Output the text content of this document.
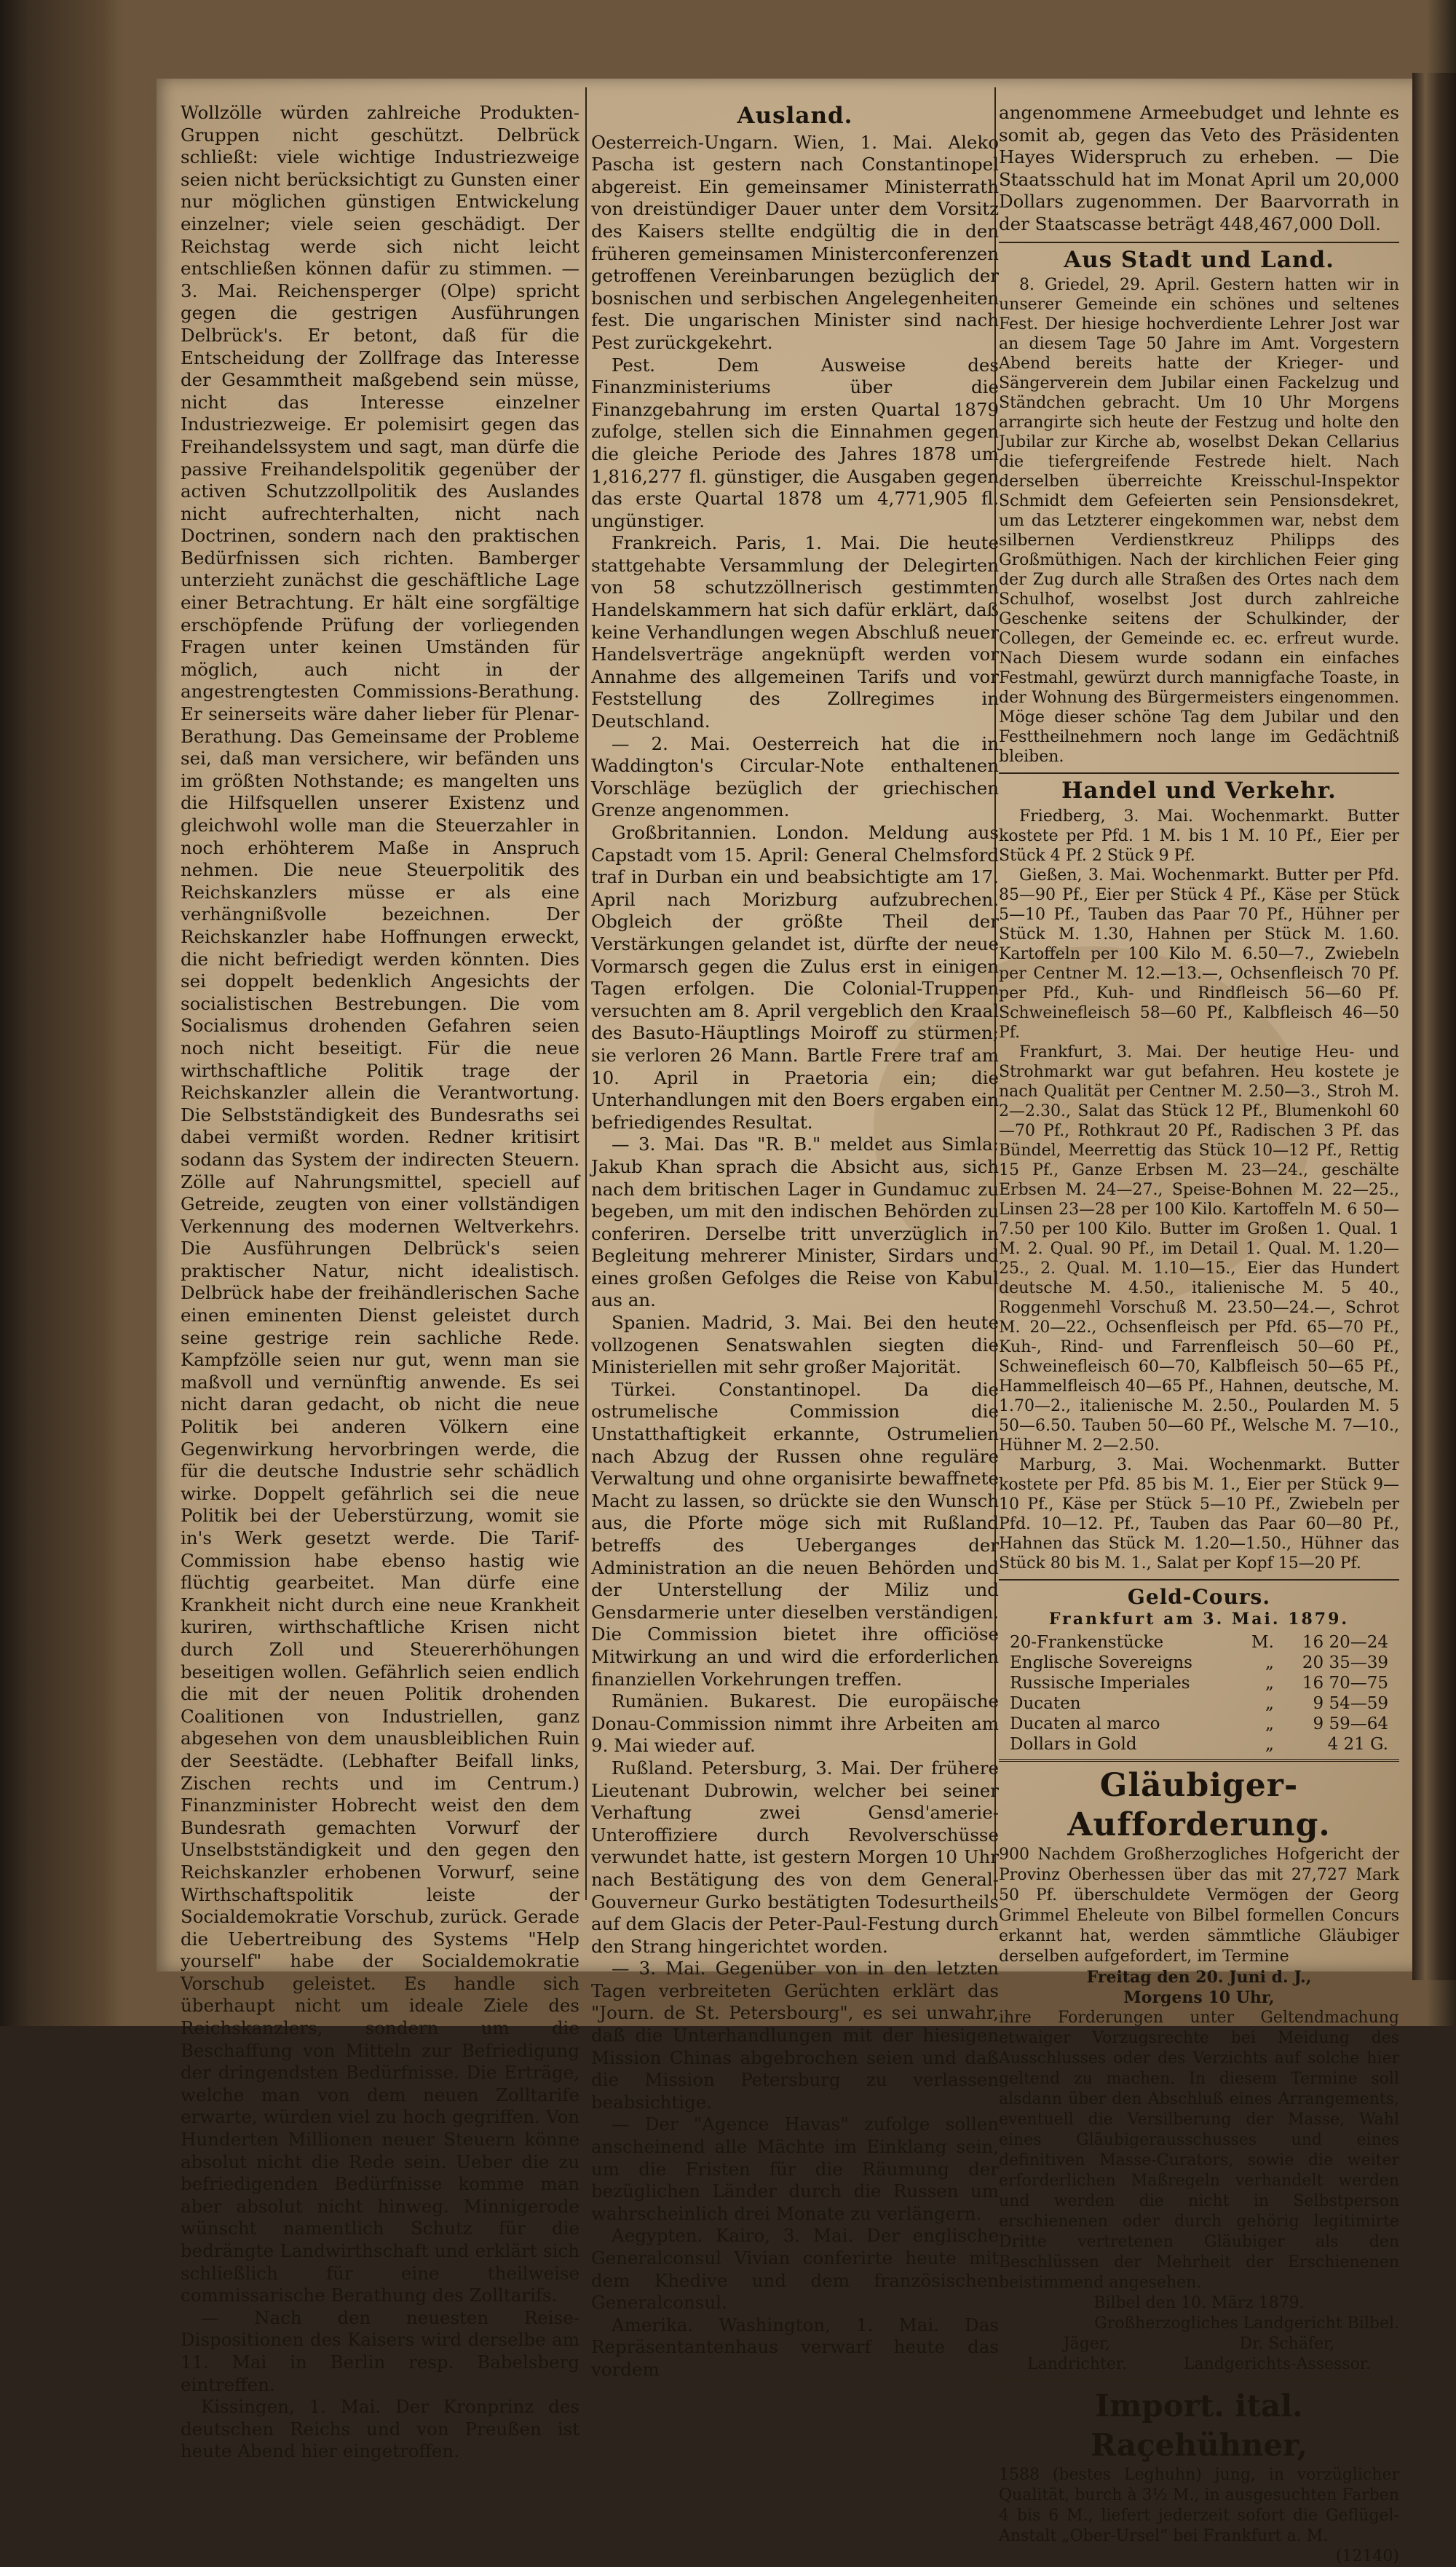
Wollzölle würden zahlreiche Produkten-Gruppen nicht geschützt. Delbrück schließt: viele wichtige Industriezweige seien nicht berücksichtigt zu Gunsten einer nur möglichen günstigen Entwickelung einzelner; viele seien geschädigt. Der Reichstag werde sich nicht leicht entschließen können dafür zu stimmen. — 3. Mai. Reichensperger (Olpe) spricht gegen die gestrigen Ausführungen Delbrück's. Er betont, daß für die Entscheidung der Zollfrage das Interesse der Gesammtheit maßgebend sein müsse, nicht das Interesse einzelner Industriezweige. Er polemisirt gegen das Freihandelssystem und sagt, man dürfe die passive Freihandelspolitik gegenüber der activen Schutzzollpolitik des Auslandes nicht aufrechterhalten, nicht nach Doctrinen, sondern nach den praktischen Bedürfnissen sich richten. Bamberger unterzieht zunächst die geschäftliche Lage einer Betrachtung. Er hält eine sorgfältige erschöpfende Prüfung der vorliegenden Fragen unter keinen Umständen für möglich, auch nicht in der angestrengtesten Commissions-Berathung. Er seinerseits wäre daher lieber für Plenar-Berathung. Das Gemeinsame der Probleme sei, daß man versichere, wir befänden uns im größten Nothstande; es mangelten uns die Hilfsquellen unserer Existenz und gleichwohl wolle man die Steuerzahler in noch erhöhterem Maße in Anspruch nehmen. Die neue Steuerpolitik des Reichskanzlers müsse er als eine verhängnißvolle bezeichnen. Der Reichskanzler habe Hoffnungen erweckt, die nicht befriedigt werden könnten. Dies sei doppelt bedenklich Angesichts der socialistischen Bestrebungen. Die vom Socialismus drohenden Gefahren seien noch nicht beseitigt. Für die neue wirthschaftliche Politik trage der Reichskanzler allein die Verantwortung. Die Selbstständigkeit des Bundesraths sei dabei vermißt worden. Redner kritisirt sodann das System der indirecten Steuern. Zölle auf Nahrungsmittel, speciell auf Getreide, zeugten von einer vollständigen Verkennung des modernen Weltverkehrs. Die Ausführungen Delbrück's seien praktischer Natur, nicht idealistisch. Delbrück habe der freihändlerischen Sache einen eminenten Dienst geleistet durch seine gestrige rein sachliche Rede. Kampfzölle seien nur gut, wenn man sie maßvoll und vernünftig anwende. Es sei nicht daran gedacht, ob nicht die neue Politik bei anderen Völkern eine Gegenwirkung hervorbringen werde, die für die deutsche Industrie sehr schädlich wirke. Doppelt gefährlich sei die neue Politik bei der Ueberstürzung, womit sie in's Werk gesetzt werde. Die Tarif-Commission habe ebenso hastig wie flüchtig gearbeitet. Man dürfe eine Krankheit nicht durch eine neue Krankheit kuriren, wirthschaftliche Krisen nicht durch Zoll und Steuererhöhungen beseitigen wollen. Gefährlich seien endlich die mit der neuen Politik drohenden Coalitionen von Industriellen, ganz abgesehen von dem unausbleiblichen Ruin der Seestädte. (Lebhafter Beifall links, Zischen rechts und im Centrum.) Finanzminister Hobrecht weist den dem Bundesrath gemachten Vorwurf der Unselbstständigkeit und den gegen den Reichskanzler erhobenen Vorwurf, seine Wirthschaftspolitik leiste der Socialdemokratie Vorschub, zurück. Gerade die Uebertreibung des Systems "Help yourself" habe der Socialdemokratie Vorschub geleistet. Es handle sich überhaupt nicht um ideale Ziele des Reichskanzlers, sondern um die Beschaffung von Mitteln zur Befriedigung der dringendsten Bedürfnisse. Die Erträge, welche man von dem neuen Zolltarife erwarte, würden viel zu hoch gegriffen. Von Hunderten Millionen neuer Steuern könne absolut nicht die Rede sein. Ueber die zu befriedigenden Bedürfnisse komme man aber absolut nicht hinweg. Minnigerode wünscht namentlich Schutz für die bedrängte Landwirthschaft und erklärt sich schließlich für eine theilweise commissarische Berathung des Zolltarifs.

— Nach den neuesten Reise-Dispositionen des Kaisers wird derselbe am 11. Mai in Berlin resp. Babelsberg eintreffen.

Kissingen, 1. Mai. Der Kronprinz des deutschen Reichs und von Preußen ist heute Abend hier eingetroffen.

Ausland.

Oesterreich-Ungarn. Wien, 1. Mai. Aleko Pascha ist gestern nach Constantinopel abgereist. Ein gemeinsamer Ministerrath von dreistündiger Dauer unter dem Vorsitz des Kaisers stellte endgültig die in den früheren gemeinsamen Ministerconferenzen getroffenen Vereinbarungen bezüglich der bosnischen und serbischen Angelegenheiten fest. Die ungarischen Minister sind nach Pest zurückgekehrt.

Pest. Dem Ausweise des Finanzministeriums über die Finanzgebahrung im ersten Quartal 1879 zufolge, stellen sich die Einnahmen gegen die gleiche Periode des Jahres 1878 um 1,816,277 fl. günstiger, die Ausgaben gegen das erste Quartal 1878 um 4,771,905 fl. ungünstiger.

Frankreich. Paris, 1. Mai. Die heute stattgehabte Versammlung der Delegirten von 58 schutzzöllnerisch gestimmten Handelskammern hat sich dafür erklärt, daß keine Verhandlungen wegen Abschluß neuer Handelsverträge angeknüpft werden vor Annahme des allgemeinen Tarifs und vor Feststellung des Zollregimes in Deutschland.

— 2. Mai. Oesterreich hat die in Waddington's Circular-Note enthaltenen Vorschläge bezüglich der griechischen Grenze angenommen.

Großbritannien. London. Meldung aus Capstadt vom 15. April: General Chelmsford traf in Durban ein und beabsichtigte am 17. April nach Morizburg aufzubrechen. Obgleich der größte Theil der Verstärkungen gelandet ist, dürfte der neue Vormarsch gegen die Zulus erst in einigen Tagen erfolgen. Die Colonial-Truppen versuchten am 8. April vergeblich den Kraal des Basuto-Häuptlings Moiroff zu stürmen; sie verloren 26 Mann. Bartle Frere traf am 10. April in Praetoria ein; die Unterhandlungen mit den Boers ergaben ein befriedigendes Resultat.

— 3. Mai. Das "R. B." meldet aus Simla: Jakub Khan sprach die Absicht aus, sich nach dem britischen Lager in Gundamuc zu begeben, um mit den indischen Behörden zu conferiren. Derselbe tritt unverzüglich in Begleitung mehrerer Minister, Sirdars und eines großen Gefolges die Reise von Kabul aus an.

Spanien. Madrid, 3. Mai. Bei den heute vollzogenen Senatswahlen siegten die Ministeriellen mit sehr großer Majorität.

Türkei. Constantinopel. Da die ostrumelische Commission die Unstatthaftigkeit erkannte, Ostrumelien nach Abzug der Russen ohne reguläre Verwaltung und ohne organisirte bewaffnete Macht zu lassen, so drückte sie den Wunsch aus, die Pforte möge sich mit Rußland betreffs des Ueberganges der Administration an die neuen Behörden und der Unterstellung der Miliz und Gensdarmerie unter dieselben verständigen. Die Commission bietet ihre officiöse Mitwirkung an und wird die erforderlichen finanziellen Vorkehrungen treffen.

Rumänien. Bukarest. Die europäische Donau-Commission nimmt ihre Arbeiten am 9. Mai wieder auf.

Rußland. Petersburg, 3. Mai. Der frühere Lieutenant Dubrowin, welcher bei seiner Verhaftung zwei Gensd'amerie-Unteroffiziere durch Revolverschüsse verwundet hatte, ist gestern Morgen 10 Uhr nach Bestätigung des von dem General-Gouverneur Gurko bestätigten Todesurtheils auf dem Glacis der Peter-Paul-Festung durch den Strang hingerichtet worden.

— 3. Mai. Gegenüber von in den letzten Tagen verbreiteten Gerüchten erklärt das "Journ. de St. Petersbourg", es sei unwahr, daß die Unterhandlungen mit der hiesigen Mission Chinas abgebrochen seien und daß die Mission Petersburg zu verlassen beabsichtige.

— Der "Agence Havas" zufolge sollen anscheinend alle Mächte im Einklang sein, um die Fristen für die Räumung der bezüglichen Länder durch die Russen um wahrscheinlich drei Monate zu verlängern.

Aegypten. Kairo, 3. Mai. Der englische Generalconsul Vivian conferirte heute mit dem Khedive und dem französischen Generalconsul.

Amerika. Washington, 1. Mai. Das Repräsentantenhaus verwarf heute das vordem

angenommene Armeebudget und lehnte es somit ab, gegen das Veto des Präsidenten Hayes Widerspruch zu erheben. — Die Staatsschuld hat im Monat April um 20,000 Dollars zugenommen. Der Baarvorrath in der Staatscasse beträgt 448,467,000 Doll.

Aus Stadt und Land.

8. Griedel, 29. April. Gestern hatten wir in unserer Gemeinde ein schönes und seltenes Fest. Der hiesige hochverdiente Lehrer Jost war an diesem Tage 50 Jahre im Amt. Vorgestern Abend bereits hatte der Krieger- und Sängerverein dem Jubilar einen Fackelzug und Ständchen gebracht. Um 10 Uhr Morgens arrangirte sich heute der Festzug und holte den Jubilar zur Kirche ab, woselbst Dekan Cellarius die tiefergreifende Festrede hielt. Nach derselben überreichte Kreisschul-Inspektor Schmidt dem Gefeierten sein Pensionsdekret, um das Letzterer eingekommen war, nebst dem silbernen Verdienstkreuz Philipps des Großmüthigen. Nach der kirchlichen Feier ging der Zug durch alle Straßen des Ortes nach dem Schulhof, woselbst Jost durch zahlreiche Geschenke seitens der Schulkinder, der Collegen, der Gemeinde ec. ec. erfreut wurde. Nach Diesem wurde sodann ein einfaches Festmahl, gewürzt durch mannigfache Toaste, in der Wohnung des Bürgermeisters eingenommen. Möge dieser schöne Tag dem Jubilar und den Festtheilnehmern noch lange im Gedächtniß bleiben.

Handel und Verkehr.

Friedberg, 3. Mai. Wochenmarkt. Butter kostete per Pfd. 1 M. bis 1 M. 10 Pf., Eier per Stück 4 Pf. 2 Stück 9 Pf.

Gießen, 3. Mai. Wochenmarkt. Butter per Pfd. 85—90 Pf., Eier per Stück 4 Pf., Käse per Stück 5—10 Pf., Tauben das Paar 70 Pf., Hühner per Stück M. 1.30, Hahnen per Stück M. 1.60. Kartoffeln per 100 Kilo M. 6.50—7., Zwiebeln per Centner M. 12.—13.—, Ochsenfleisch 70 Pf. per Pfd., Kuh- und Rindfleisch 56—60 Pf. Schweinefleisch 58—60 Pf., Kalbfleisch 46—50 Pf.

Frankfurt, 3. Mai. Der heutige Heu- und Strohmarkt war gut befahren. Heu kostete je nach Qualität per Centner M. 2.50—3., Stroh M. 2—2.30., Salat das Stück 12 Pf., Blumenkohl 60—70 Pf., Rothkraut 20 Pf., Radischen 3 Pf. das Bündel, Meerrettig das Stück 10—12 Pf., Rettig 15 Pf., Ganze Erbsen M. 23—24., geschälte Erbsen M. 24—27., Speise-Bohnen M. 22—25., Linsen 23—28 per 100 Kilo. Kartoffeln M. 6 50—7.50 per 100 Kilo. Butter im Großen 1. Qual. 1 M. 2. Qual. 90 Pf., im Detail 1. Qual. M. 1.20—25., 2. Qual. M. 1.10—15., Eier das Hundert deutsche M. 4.50., italienische M. 5 40., Roggenmehl Vorschuß M. 23.50—24.—, Schrot M. 20—22., Ochsenfleisch per Pfd. 65—70 Pf., Kuh-, Rind- und Farrenfleisch 50—60 Pf., Schweinefleisch 60—70, Kalbfleisch 50—65 Pf., Hammelfleisch 40—65 Pf., Hahnen, deutsche, M. 1.70—2., italienische M. 2.50., Poularden M. 5 50—6.50. Tauben 50—60 Pf., Welsche M. 7—10., Hühner M. 2—2.50.

Marburg, 3. Mai. Wochenmarkt. Butter kostete per Pfd. 85 bis M. 1., Eier per Stück 9—10 Pf., Käse per Stück 5—10 Pf., Zwiebeln per Pfd. 10—12. Pf., Tauben das Paar 60—80 Pf., Hahnen das Stück M. 1.20—1.50., Hühner das Stück 80 bis M. 1., Salat per Kopf 15—20 Pf.

Geld-Cours.
Frankfurt am 3. Mai. 1879.
20-Frankenstücke	M.	16 20—24
Englische Sovereigns	„	20 35—39
Russische Imperiales	„	16 70—75
Ducaten	„	9 54—59
Ducaten al marco	„	9 59—64
Dollars in Gold	„	4 21 G.
Gläubiger-Aufforderung.

900 Nachdem Großherzogliches Hofgericht der Provinz Oberhessen über das mit 27,727 Mark 50 Pf. überschuldete Vermögen der Georg Grimmel Eheleute von Bilbel formellen Concurs erkannt hat, werden sämmtliche Gläubiger derselben aufgefordert, im Termine

Freitag den 20. Juni d. J.,
Morgens 10 Uhr,

ihre Forderungen unter Geltendmachung etwaiger Vorzugsrechte bei Meidung des Ausschlusses oder des Verzichts auf solche hier geltend zu machen. In diesem Termine soll alsdann über den Abschluß eines Arrangements, eventuell die Versilberung der Masse, Wahl eines Gläubigerausschusses und eines definitiven Masse-Curators, sowie die weiter erforderlichen Maßregeln verhandelt werden und werden die nicht in Selbstperson erschienenen oder durch gehörig legitimirte Dritte vertretenen Gläubiger als den Beschlüssen der Mehrheit der Erschienenen beistimmend angesehen.

Bilbel den 10. März 1879.
Großherzogliches Landgericht Bilbel.
Jäger,	Dr. Schäfer,
Landrichter.	Landgerichts-Assessor.
Import. ital. Raçehühner,

1588 (bestes Leghuhn) jung, in vorzüglicher Qualität, burch à 3½ M., in ausgesuchten Farben 4 bis 6 M., liefert jederzeit sofort die Geflügel-Anstalt „Ober-Ursel“ bei Frankfurt a. M.

(12140)
